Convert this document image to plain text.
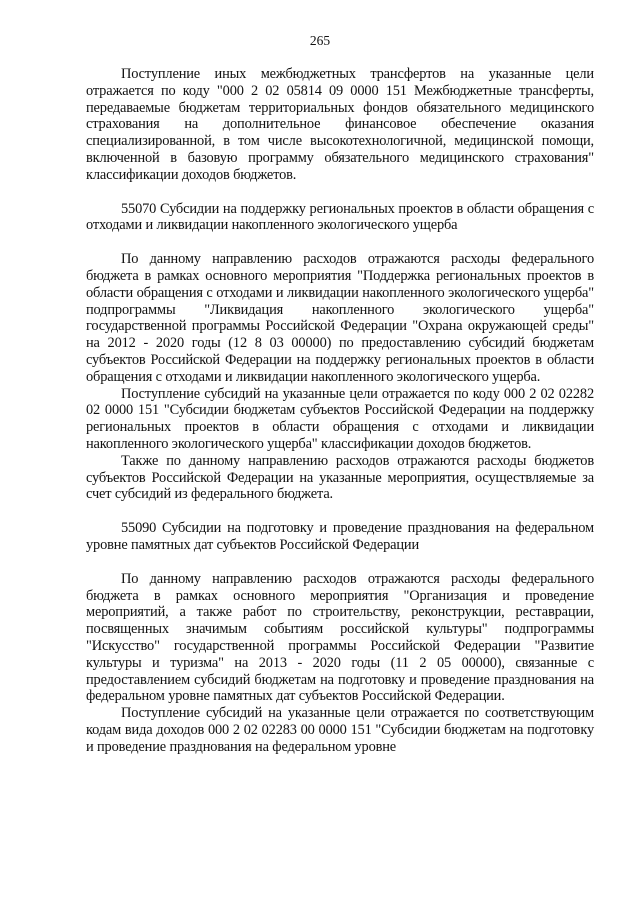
265

Поступление иных межбюджетных трансфертов на указанные цели отражается по коду "000 2 02 05814 09 0000 151 Межбюджетные трансферты, передаваемые бюджетам территориальных фондов обязательного медицинского страхования на дополнительное финансовое обеспечение оказания специализированной, в том числе высокотехнологичной, медицинской помощи, включенной в базовую программу обязательного медицинского страхования" классификации доходов бюджетов.

55070 Субсидии на поддержку региональных проектов в области обращения с отходами и ликвидации накопленного экологического ущерба

По данному направлению расходов отражаются расходы федерального бюджета в рамках основного мероприятия "Поддержка региональных проектов в области обращения с отходами и ликвидации накопленного экологического ущерба" подпрограммы "Ликвидация накопленного экологического ущерба" государственной программы Российской Федерации "Охрана окружающей среды" на 2012 - 2020 годы (12 8 03 00000) по предоставлению субсидий бюджетам субъектов Российской Федерации на поддержку региональных проектов в области обращения с отходами и ликвидации накопленного экологического ущерба.

Поступление субсидий на указанные цели отражается по коду 000 2 02 02282 02 0000 151 "Субсидии бюджетам субъектов Российской Федерации на поддержку региональных проектов в области обращения с отходами и ликвидации накопленного экологического ущерба" классификации доходов бюджетов.

Также по данному направлению расходов отражаются расходы бюджетов субъектов Российской Федерации на указанные мероприятия, осуществляемые за счет субсидий из федерального бюджета.

55090 Субсидии на подготовку и проведение празднования на федеральном уровне памятных дат субъектов Российской Федерации

По данному направлению расходов отражаются расходы федерального бюджета в рамках основного мероприятия "Организация и проведение мероприятий, а также работ по строительству, реконструкции, реставрации, посвященных значимым событиям российской культуры" подпрограммы "Искусство" государственной программы Российской Федерации "Развитие культуры и туризма" на 2013 - 2020 годы (11 2 05 00000), связанные с предоставлением субсидий бюджетам на подготовку и проведение празднования на федеральном уровне памятных дат субъектов Российской Федерации.

Поступление субсидий на указанные цели отражается по соответствующим кодам вида доходов 000 2 02 02283 00 0000 151 "Субсидии бюджетам на подготовку и проведение празднования на федеральном уровне
